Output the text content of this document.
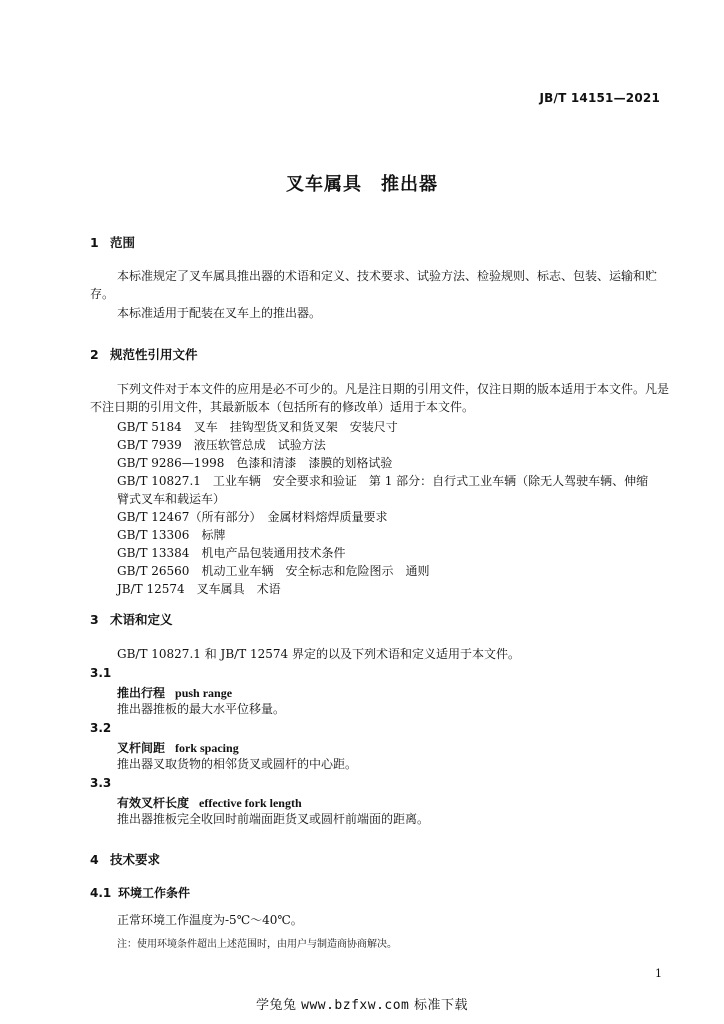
JB/T 14151—2021
叉车属具　推出器
1 范围
本标准规定了叉车属具推出器的术语和定义、技术要求、试验方法、检验规则、标志、包装、运输和贮存。
本标准适用于配装在叉车上的推出器。
2 规范性引用文件
下列文件对于本文件的应用是必不可少的。凡是注日期的引用文件，仅注日期的版本适用于本文件。凡是不注日期的引用文件，其最新版本（包括所有的修改单）适用于本文件。
GB/T 5184　叉车　挂钩型货叉和货叉架　安装尺寸
GB/T 7939　液压软管总成　试验方法
GB/T 9286—1998　色漆和清漆　漆膜的划格试验
GB/T 10827.1　工业车辆　安全要求和验证　第 1 部分：自行式工业车辆（除无人驾驶车辆、伸缩
臂式叉车和载运车）
GB/T 12467（所有部分）　金属材料熔焊质量要求
GB/T 13306　标牌
GB/T 13384　机电产品包装通用技术条件
GB/T 26560　机动工业车辆　安全标志和危险图示　通则
JB/T 12574　叉车属具　术语
3 术语和定义
GB/T 10827.1 和 JB/T 12574 界定的以及下列术语和定义适用于本文件。
3.1
推出行程 push range
推出器推板的最大水平位移量。
3.2
叉杆间距 fork spacing
推出器叉取货物的相邻货叉或圆杆的中心距。
3.3
有效叉杆长度 effective fork length
推出器推板完全收回时前端面距货叉或圆杆前端面的距离。
4 技术要求
4.1 环境工作条件
正常环境工作温度为-5℃～40℃。
注：使用环境条件超出上述范围时，由用户与制造商协商解决。
1
学兔兔 www.bzfxw.com 标准下载
